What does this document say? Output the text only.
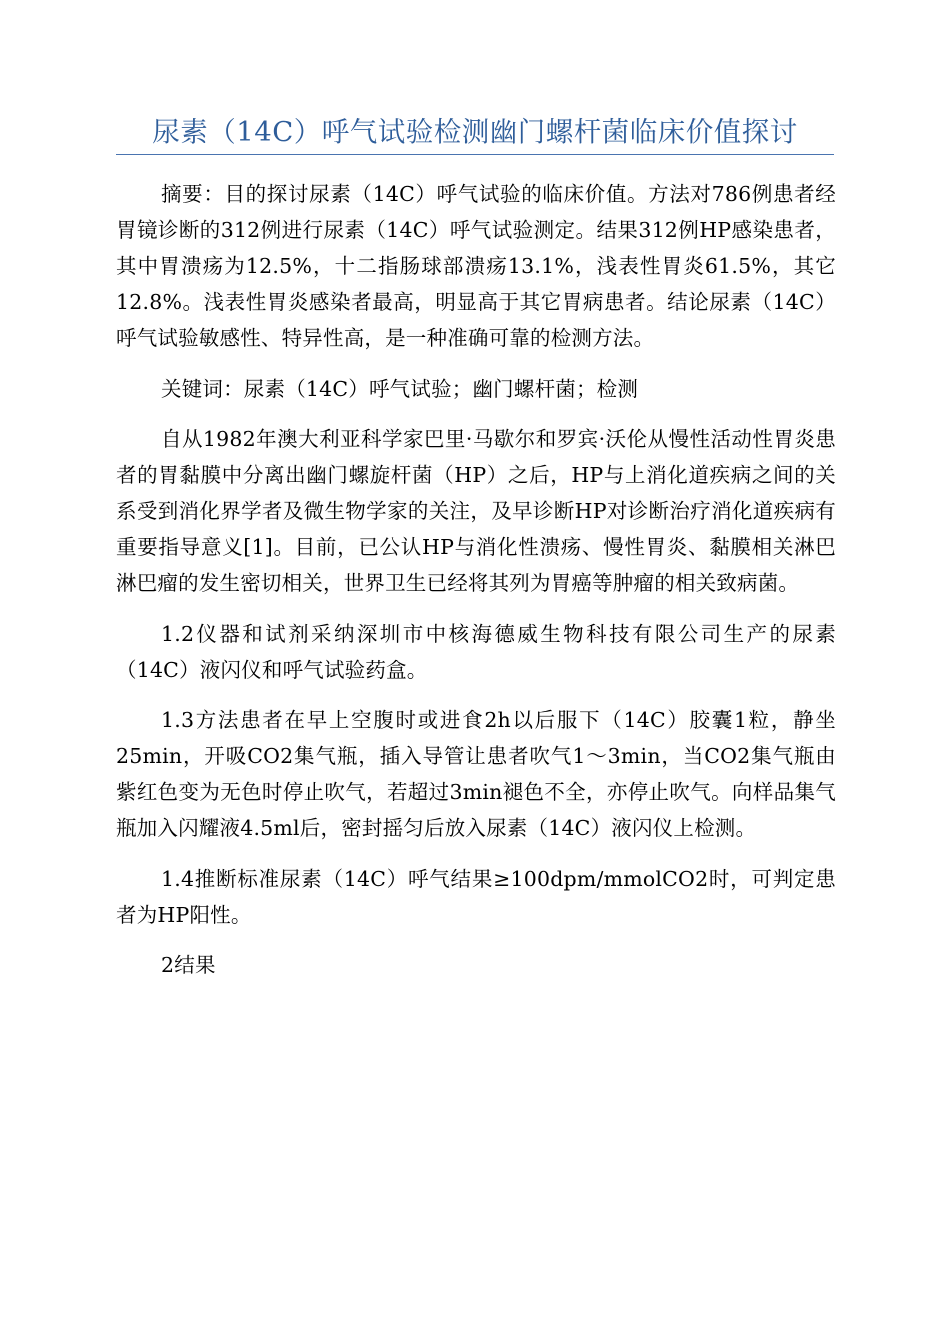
尿素（14C）呼气试验检测幽门螺杆菌临床价值探讨

摘要：目的探讨尿素（14C）呼气试验的临床价值。方法对786例患者经胃镜诊断的312例进行尿素（14C）呼气试验测定。结果312例HP感染患者，其中胃溃疡为12.5%，十二指肠球部溃疡13.1%，浅表性胃炎61.5%，其它12.8%。浅表性胃炎感染者最高，明显高于其它胃病患者。结论尿素（14C）呼气试验敏感性、特异性高，是一种准确可靠的检测方法。

关键词：尿素（14C）呼气试验；幽门螺杆菌；检测

自从1982年澳大利亚科学家巴里·马歇尔和罗宾·沃伦从慢性活动性胃炎患者的胃黏膜中分离出幽门螺旋杆菌（HP）之后，HP与上消化道疾病之间的关系受到消化界学者及微生物学家的关注，及早诊断HP对诊断治疗消化道疾病有重要指导意义[1]。目前，已公认HP与消化性溃疡、慢性胃炎、黏膜相关淋巴淋巴瘤的发生密切相关，世界卫生已经将其列为胃癌等肿瘤的相关致病菌。

1.2仪器和试剂采纳深圳市中核海德威生物科技有限公司生产的尿素（14C）液闪仪和呼气试验药盒。

1.3方法患者在早上空腹时或进食2h以后服下（14C）胶囊1粒，静坐25min，开吸CO2集气瓶，插入导管让患者吹气1～3min，当CO2集气瓶由紫红色变为无色时停止吹气，若超过3min褪色不全，亦停止吹气。向样品集气瓶加入闪耀液4.5ml后，密封摇匀后放入尿素（14C）液闪仪上检测。

1.4推断标准尿素（14C）呼气结果≥100dpm/mmolCO2时，可判定患者为HP阳性。

2结果
